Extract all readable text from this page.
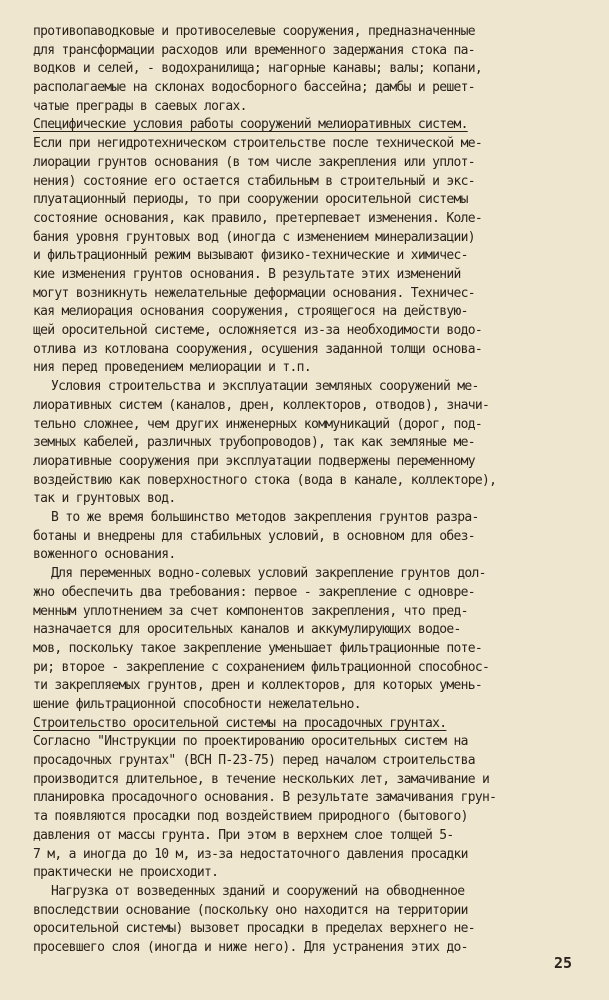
противопаводковые и противоселевые сооружения, предназначенные
для трансформации расходов или временного задержания стока па-
водков и селей, - водохранилища; нагорные канавы; валы; копани,
располагаемые на склонах водосборного бассейна; дамбы и решет-
чатые преграды в саевых логах.
Специфические условия работы сооружений мелиоративных систем.
Если при негидротехническом строительстве после технической ме-
лиорации грунтов основания (в том числе закрепления или уплот-
нения) состояние его остается стабильным в строительный и экс-
плуатационный периоды, то при сооружении оросительной системы
состояние основания, как правило, претерпевает изменения. Коле-
бания уровня грунтовых вод (иногда с изменением минерализации)
и фильтрационный режим вызывают физико-технические и химичес-
кие изменения грунтов основания. В результате этих изменений
могут возникнуть нежелательные деформации основания. Техничес-
кая мелиорация основания сооружения, строящегося на действую-
щей оросительной системе, осложняется из-за необходимости водо-
отлива из котлована сооружения, осушения заданной толщи основа-
ния перед проведением мелиорации и т.п.
Условия строительства и эксплуатации земляных сооружений ме-
лиоративных систем (каналов, дрен, коллекторов, отводов), значи-
тельно сложнее, чем других инженерных коммуникаций (дорог, под-
земных кабелей, различных трубопроводов), так как земляные ме-
лиоративные сооружения при эксплуатации подвержены переменному
воздействию как поверхностного стока (вода в канале, коллекторе),
так и грунтовых вод.
В то же время большинство методов закрепления грунтов разра-
ботаны и внедрены для стабильных условий, в основном для обез-
воженного основания.
Для переменных водно-солевых условий закрепление грунтов дол-
жно обеспечить два требования: первое - закрепление с одновре-
менным уплотнением за счет компонентов закрепления, что пред-
назначается для оросительных каналов и аккумулирующих водое-
мов, поскольку такое закрепление уменьшает фильтрационные поте-
ри; второе - закрепление с сохранением фильтрационной способнос-
ти закрепляемых грунтов, дрен и коллекторов, для которых умень-
шение фильтрационной способности нежелательно.
Строительство оросительной системы на просадочных грунтах.
Согласно "Инструкции по проектированию оросительных систем на
просадочных грунтах" (ВСН П-23-75) перед началом строительства
производится длительное, в течение нескольких лет, замачивание и
планировка просадочного основания. В результате замачивания грун-
та появляются просадки под воздействием природного (бытового)
давления от массы грунта. При этом в верхнем слое толщей 5-
7 м, а иногда до 10 м, из-за недостаточного давления просадки
практически не происходит.
Нагрузка от возведенных зданий и сооружений на обводненное
впоследствии основание (поскольку оно находится на территории
оросительной системы) вызовет просадки в пределах верхнего не-
просевшего слоя (иногда и ниже него). Для устранения этих до-
25
